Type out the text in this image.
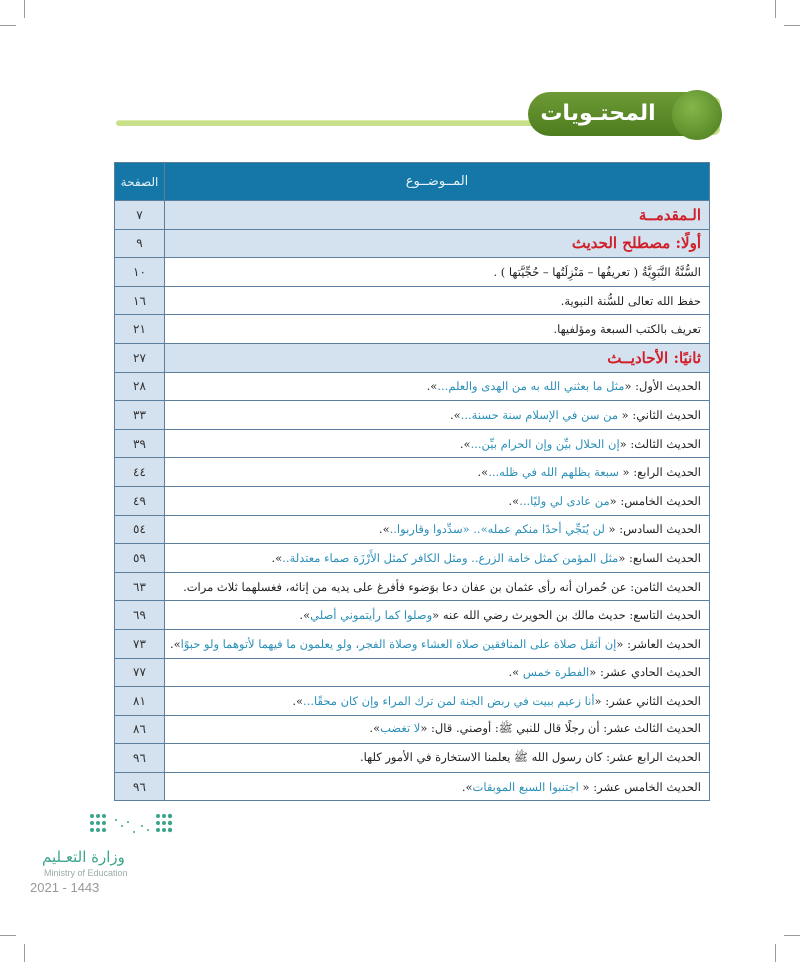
المحتـويات
المــوضــوع	الصفحة
الـمقدمــة	٧
أولًا: مصطلح الحديث	٩
السُّنَّةُ النَّبَوِيَّةُ ( تعريفُها – مَنْزِلَتُها – حُجِّيَّتها ) .	١٠
حفظ الله تعالى للسُّنة النبوية.	١٦
تعريف بالكتب السبعة ومؤلفيها.	٢١
ثانيًا: الأحاديــث	٢٧
الحديث الأول: «مثل ما بعثني الله به من الهدى والعلم...».	٢٨
الحديث الثاني: « من سن في الإسلام سنة حسنة...».	٣٣
الحديث الثالث: «إن الحلال بيِّن وإن الحرام بيِّن...».	٣٩
الحديث الرابع: « سبعة يظلهم الله في ظله...».	٤٤
الحديث الخامس: «من عادى لي وليًا...».	٤٩
الحديث السادس: « لن يُنَجِّي أحدًا منكم عمله».. «سدِّدوا وقاربوا..».	٥٤
الحديث السابع: «مثل المؤمن كمثل خامة الزرع.. ومثل الكافر كمثل الأَرْزَة صماء معتدلة..».	٥٩
الحديث الثامن: عن حُمران أنه رأى عثمان بن عفان دعا بوَضوء فأفرغ على يديه من إنائه، فغسلهما ثلاث مرات.	٦٣
الحديث التاسع: حديث مالك بن الحويرث رضي الله عنه «وصلوا كما رأيتموني أصلي».	٦٩
الحديث العاشر: «إن أثقل صلاة على المنافقين صلاة العشاء وصلاة الفجر، ولو يعلمون ما فيهما لأتوهما ولو حبوًا».	٧٣
الحديث الحادي عشر: «الفطرة خمس ».	٧٧
الحديث الثاني عشر: «أنا زعيم ببيت في ربض الجنة لمن ترك المراء وإن كان محقًا...».	٨١
الحديث الثالث عشر: أن رجلًا قال للنبي ﷺ: أوصني. قال: «لا تغضب».	٨٦
الحديث الرابع عشر: كان رسول الله ﷺ يعلمنا الاستخارة في الأمور كلها.	٩٦
الحديث الخامس عشر: « اجتنبوا السبع الموبقات».	٩٦
وزارة التعـليم
Ministry of Education
2021 - 1443
